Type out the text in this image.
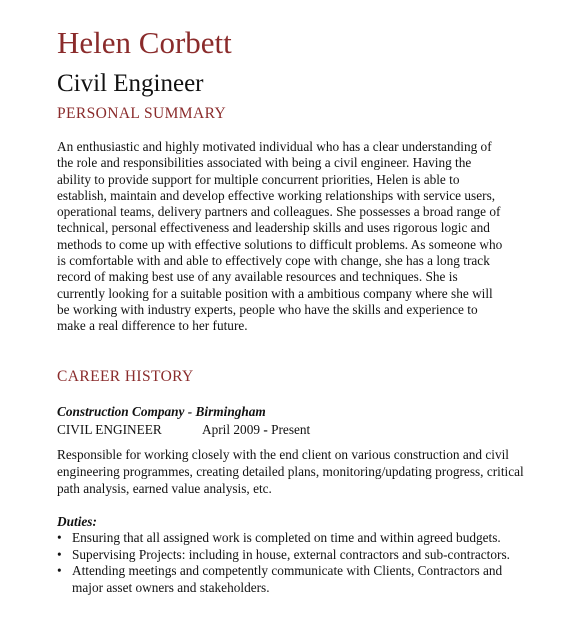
Helen Corbett
Civil Engineer
PERSONAL SUMMARY
An enthusiastic and highly motivated individual who has a clear understanding of
the role and responsibilities associated with being a civil engineer. Having the
ability to provide support for multiple concurrent priorities, Helen is able to
establish, maintain and develop effective working relationships with service users,
operational teams, delivery partners and colleagues. She possesses a broad range of
technical, personal effectiveness and leadership skills and uses rigorous logic and
methods to come up with effective solutions to difficult problems. As someone who
is comfortable with and able to effectively cope with change, she has a long track
record of making best use of any available resources and techniques. She is
currently looking for a suitable position with a ambitious company where she will
be working with industry experts, people who have the skills and experience to
make a real difference to her future.
CAREER HISTORY
Construction Company - Birmingham
CIVIL ENGINEER	April 2009 - Present
Responsible for working closely with the end client on various construction and civil
engineering programmes, creating detailed plans, monitoring/updating progress, critical
path analysis, earned value analysis, etc.
Duties:
• Ensuring that all assigned work is completed on time and within agreed budgets.
• Supervising Projects: including in house, external contractors and sub-contractors.
• Attending meetings and competently communicate with Clients, Contractors and
major asset owners and stakeholders.
